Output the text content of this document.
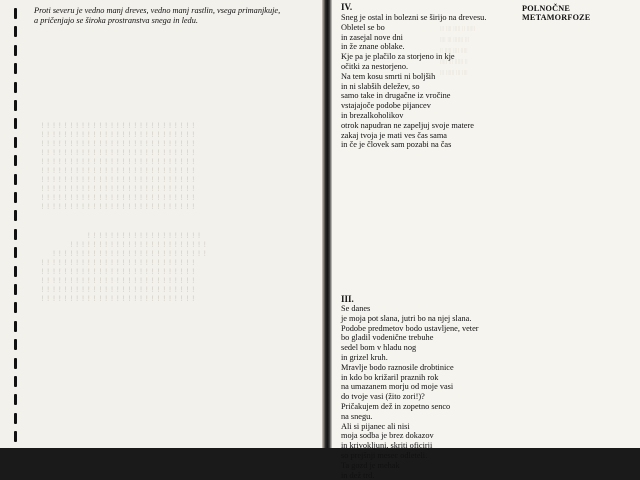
Proti severu je vedno manj dreves, vedno manj rastlin, vsega primanjkuje,
a pričenjajo se široka prostranstva snega in ledu.
ǃǃǃǃǃǃǃǃǃǃǃǃǃǃǃǃǃǃǃǃǃǃǃǃǃǃǃ
ǃǃǃǃǃǃǃǃǃǃǃǃǃǃǃǃǃǃǃǃǃǃǃǃǃǃǃ
ǃǃǃǃǃǃǃǃǃǃǃǃǃǃǃǃǃǃǃǃǃǃǃǃǃǃǃ
ǃǃǃǃǃǃǃǃǃǃǃǃǃǃǃǃǃǃǃǃǃǃǃǃǃǃǃ
ǃǃǃǃǃǃǃǃǃǃǃǃǃǃǃǃǃǃǃǃǃǃǃǃǃǃǃ
ǃǃǃǃǃǃǃǃǃǃǃǃǃǃǃǃǃǃǃǃǃǃǃǃǃǃǃ
ǃǃǃǃǃǃǃǃǃǃǃǃǃǃǃǃǃǃǃǃǃǃǃǃǃǃǃ
ǃǃǃǃǃǃǃǃǃǃǃǃǃǃǃǃǃǃǃǃǃǃǃǃǃǃǃ
ǃǃǃǃǃǃǃǃǃǃǃǃǃǃǃǃǃǃǃǃǃǃǃǃǃǃǃ
ǃǃǃǃǃǃǃǃǃǃǃǃǃǃǃǃǃǃǃǃǃǃǃǃǃǃǃ
ǃǃǃǃǃǃǃǃǃǃǃǃǃǃǃǃǃǃǃǃ
ǃǃǃǃǃǃǃǃǃǃǃǃǃǃǃǃǃǃǃǃǃǃǃǃ
ǃǃǃǃǃǃǃǃǃǃǃǃǃǃǃǃǃǃǃǃǃǃǃǃǃǃǃ
ǃǃǃǃǃǃǃǃǃǃǃǃǃǃǃǃǃǃǃǃǃǃǃǃǃǃǃ
ǃǃǃǃǃǃǃǃǃǃǃǃǃǃǃǃǃǃǃǃǃǃǃǃǃǃǃ
ǃǃǃǃǃǃǃǃǃǃǃǃǃǃǃǃǃǃǃǃǃǃǃǃǃǃǃ
ǃǃǃǃǃǃǃǃǃǃǃǃǃǃǃǃǃǃǃǃǃǃǃǃǃǃǃ
ǃǃǃǃǃǃǃǃǃǃǃǃǃǃǃǃǃǃǃǃǃǃǃǃǃǃǃ
ǀǀǀ ǀǀǀǀ ǀǀǀǀǀ ǀǀ ǀǀǀǀǀǀ
ǀǀǀǀ ǀǀǀ ǀǀǀǀǀǀǀ ǀǀǀ
ǀǀ ǀǀǀǀǀ ǀǀǀǀ ǀǀǀǀǀ
ǀǀǀǀǀ ǀǀǀ ǀǀǀǀǀǀ ǀǀ
ǀǀǀ ǀǀǀǀǀǀ ǀǀǀ ǀǀǀǀ
POLNOČNE METAMORFOZE
IV.
Sneg je ostal in bolezni se širijo na drevesu.
Obletel se bo
in zasejal nove dni
in že znane oblake.
Kje pa je plačilo za storjeno in kje
očitki za nestorjeno.
Na tem kosu smrti ni boljših
in ni slabših deležev, so
samo take in drugačne iz vročine
vstajajoče podobe pijancev
in brezalkoholikov
otrok napudran ne zapeljuj svoje matere
zakaj tvoja je mati ves čas sama
in če je človek sam pozabi na čas
III.
Se danes
je moja pot slana, jutri bo na njej slana.
Podobe predmetov bodo ustavljene, veter
bo gladil vodenične trebuhe
sedel bom v hladu nog
in grizel kruh.
Mravlje bodo raznosile drobtinice
in kdo bo križaril praznih rok
na umazanem morju od moje vasi
do tvoje vasi (žito zori!)?
Pričakujem dež in zopetno senco
na snegu.
Ali si pijanec ali nisi
moja sodba je brez dokazov
in krivokljuni, skriti oficirji
so prejšnji mesec odleteli.
Ta gozd je mehak
in dež trd.
